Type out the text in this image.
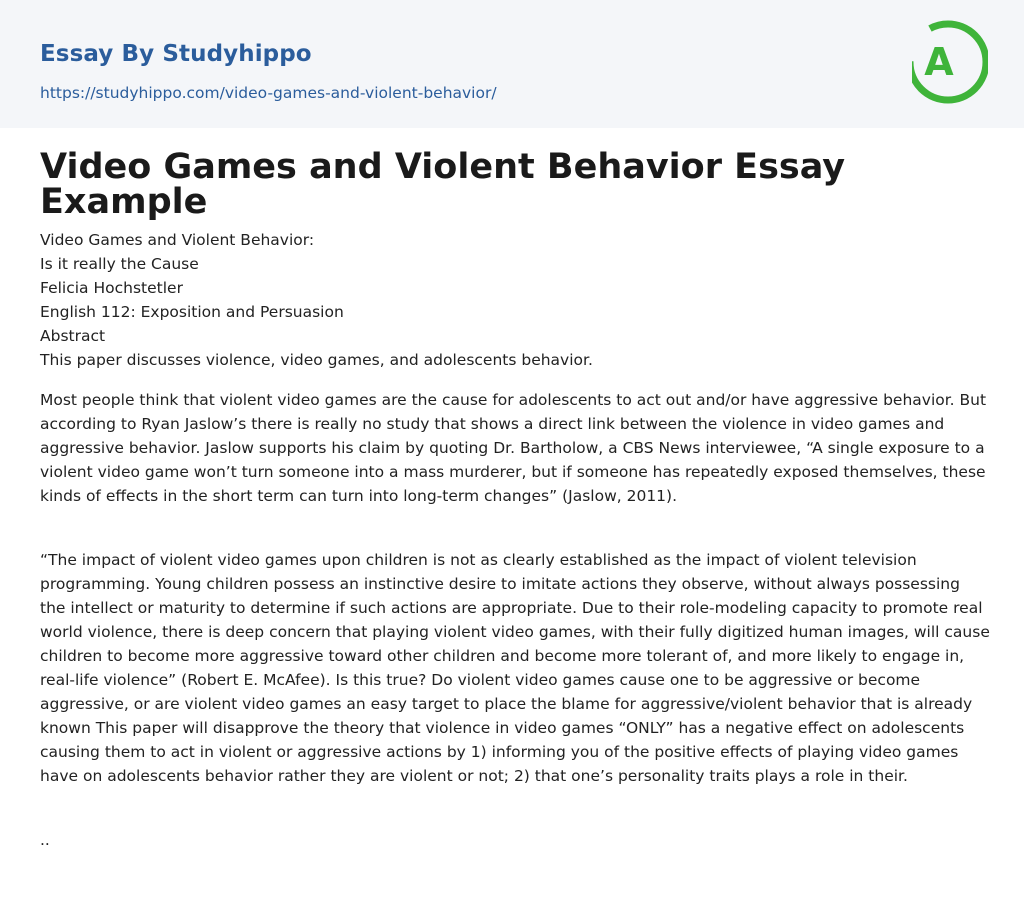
Essay By Studyhippo
https://studyhippo.com/video-games-and-violent-behavior/
A
Video Games and Violent Behavior Essay Example
Video Games and Violent Behavior:
Is it really the Cause
Felicia Hochstetler
English 112: Exposition and Persuasion
Abstract
This paper discusses violence, video games, and adolescents behavior.

Most people think that violent video games are the cause for adolescents to act out and/or have aggressive behavior. But according to Ryan Jaslow’s there is really no study that shows a direct link between the violence in video games and aggressive behavior. Jaslow supports his claim by quoting Dr. Bartholow, a CBS News interviewee, “A single exposure to a violent video game won’t turn someone into a mass murderer, but if someone has repeatedly exposed themselves, these kinds of effects in the short term can turn into long-term changes” (Jaslow, 2011).

“The impact of violent video games upon children is not as clearly established as the impact of violent television programming. Young children possess an instinctive desire to imitate actions they observe, without always possessing the intellect or maturity to determine if such actions are appropriate. Due to their role-modeling capacity to promote real world violence, there is deep concern that playing violent video games, with their fully digitized human images, will cause children to become more aggressive toward other children and become more tolerant of, and more likely to engage in, real-life violence” (Robert E. McAfee). Is this true? Do violent video games cause one to be aggressive or become aggressive, or are violent video games an easy target to place the blame for aggressive/violent behavior that is already known This paper will disapprove the theory that violence in video games “ONLY” has a negative effect on adolescents causing them to act in violent or aggressive actions by 1) informing you of the positive effects of playing video games have on adolescents behavior rather they are violent or not; 2) that one’s personality traits plays a role in their.

..
